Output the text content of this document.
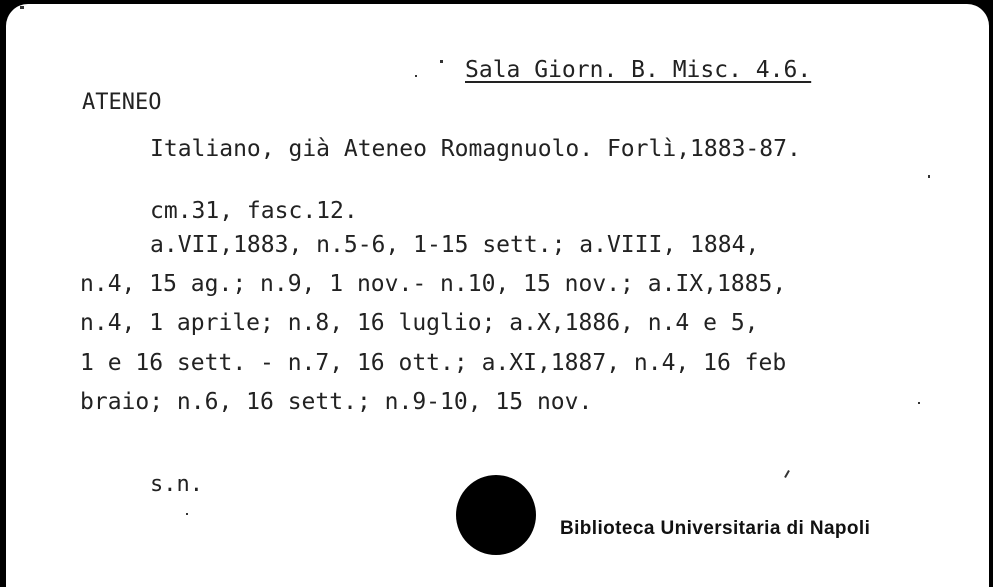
Sala Giorn. B. Misc. 4.6.
ATENEO
Italiano, già Ateneo Romagnuolo. Forlì,1883-87.
cm.31, fasc.12.
a.VII,1883, n.5-6, 1-15 sett.; a.VIII, 1884,
n.4, 15 ag.; n.9, 1 nov.- n.10, 15 nov.; a.IX,1885,
n.4, 1 aprile; n.8, 16 luglio; a.X,1886, n.4 e 5,
1 e 16 sett. - n.7, 16 ott.; a.XI,1887, n.4, 16 feb
braio; n.6, 16 sett.; n.9-10, 15 nov.
s.n.
Biblioteca Universitaria di Napoli
